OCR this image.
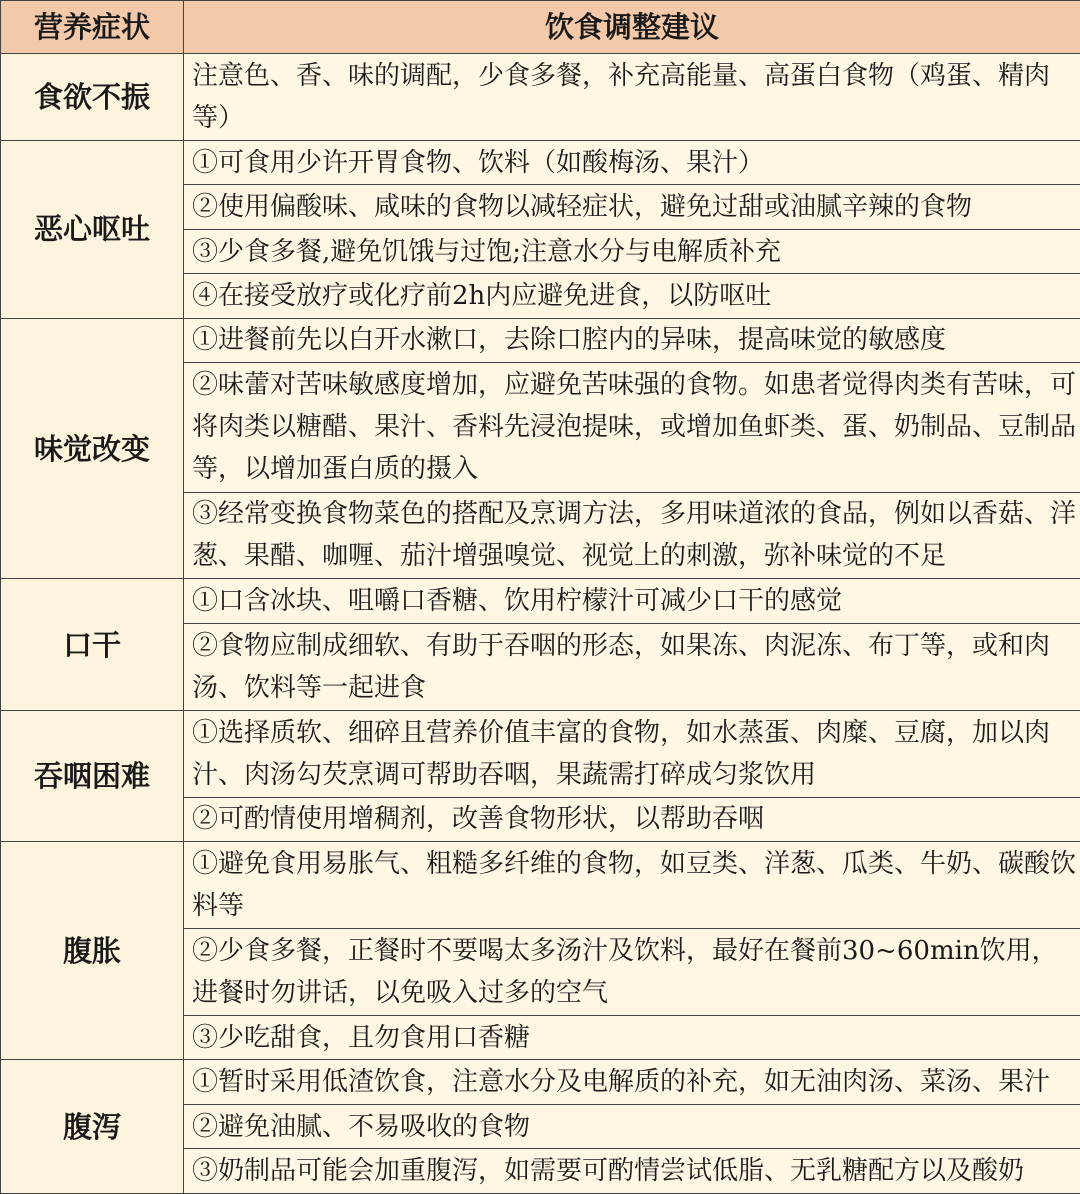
营养症状	饮食调整建议
食欲不振	注意色、香、味的调配，少食多餐，补充高能量、高蛋白食物（鸡蛋、精肉等）
恶心呕吐	①可食用少许开胃食物、饮料（如酸梅汤、果汁）
	②使用偏酸味、咸味的食物以减轻症状，避免过甜或油腻辛辣的食物
	③少食多餐,避免饥饿与过饱;注意水分与电解质补充
	④在接受放疗或化疗前2h内应避免进食，以防呕吐
味觉改变	①进餐前先以白开水漱口，去除口腔内的异味，提高味觉的敏感度
	②味蕾对苦味敏感度增加，应避免苦味强的食物。如患者觉得肉类有苦味，可将肉类以糖醋、果汁、香料先浸泡提味，或增加鱼虾类、蛋、奶制品、豆制品等，以增加蛋白质的摄入
	③经常变换食物菜色的搭配及烹调方法，多用味道浓的食品，例如以香菇、洋葱、果醋、咖喱、茄汁增强嗅觉、视觉上的刺激，弥补味觉的不足
口干	①口含冰块、咀嚼口香糖、饮用柠檬汁可减少口干的感觉
	②食物应制成细软、有助于吞咽的形态，如果冻、肉泥冻、布丁等，或和肉汤、饮料等一起进食
吞咽困难	①选择质软、细碎且营养价值丰富的食物，如水蒸蛋、肉糜、豆腐，加以肉汁、肉汤勾芡烹调可帮助吞咽，果蔬需打碎成匀浆饮用
	②可酌情使用增稠剂，改善食物形状，以帮助吞咽
腹胀	①避免食用易胀气、粗糙多纤维的食物，如豆类、洋葱、瓜类、牛奶、碳酸饮料等
	②少食多餐，正餐时不要喝太多汤汁及饮料，最好在餐前30~60min饮用，进餐时勿讲话，以免吸入过多的空气
	③少吃甜食，且勿食用口香糖
腹泻	①暂时采用低渣饮食，注意水分及电解质的补充，如无油肉汤、菜汤、果汁
	②避免油腻、不易吸收的食物
	③奶制品可能会加重腹泻，如需要可酌情尝试低脂、无乳糖配方以及酸奶
